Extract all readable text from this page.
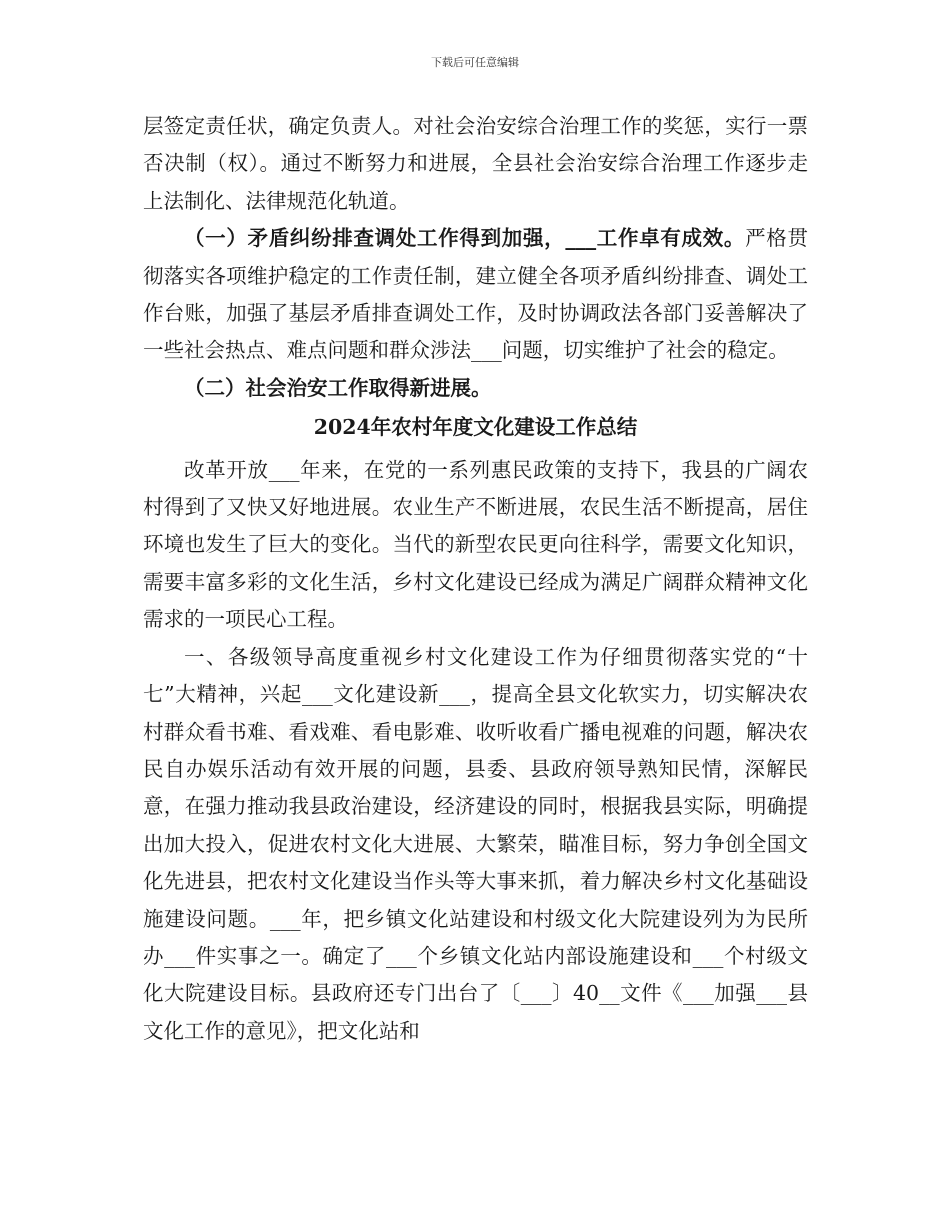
下载后可任意编辑

层签定责任状，确定负责人。对社会治安综合治理工作的奖惩，实行一票否决制（权）。通过不断努力和进展，全县社会治安综合治理工作逐步走上法制化、法律规范化轨道。

（一）矛盾纠纷排查调处工作得到加强，___工作卓有成效。严格贯彻落实各项维护稳定的工作责任制，建立健全各项矛盾纠纷排查、调处工作台账，加强了基层矛盾排查调处工作，及时协调政法各部门妥善解决了一些社会热点、难点问题和群众涉法___问题，切实维护了社会的稳定。

（二）社会治安工作取得新进展。

2024年农村年度文化建设工作总结

改革开放___年来，在党的一系列惠民政策的支持下，我县的广阔农村得到了又快又好地进展。农业生产不断进展，农民生活不断提高，居住环境也发生了巨大的变化。当代的新型农民更向往科学，需要文化知识，需要丰富多彩的文化生活，乡村文化建设已经成为满足广阔群众精神文化需求的一项民心工程。

一、各级领导高度重视乡村文化建设工作为仔细贯彻落实党的“十七”大精神，兴起___文化建设新___，提高全县文化软实力，切实解决农村群众看书难、看戏难、看电影难、收听收看广播电视难的问题，解决农民自办娱乐活动有效开展的问题，县委、县政府领导熟知民情，深解民意，在强力推动我县政治建设，经济建设的同时，根据我县实际，明确提出加大投入，促进农村文化大进展、大繁荣，瞄准目标，努力争创全国文化先进县，把农村文化建设当作头等大事来抓，着力解决乡村文化基础设施建设问题。___年，把乡镇文化站建设和村级文化大院建设列为为民所办___件实事之一。确定了___个乡镇文化站内部设施建设和___个村级文化大院建设目标。县政府还专门出台了〔___〕40__文件《___加强___县文化工作的意见》，把文化站和
